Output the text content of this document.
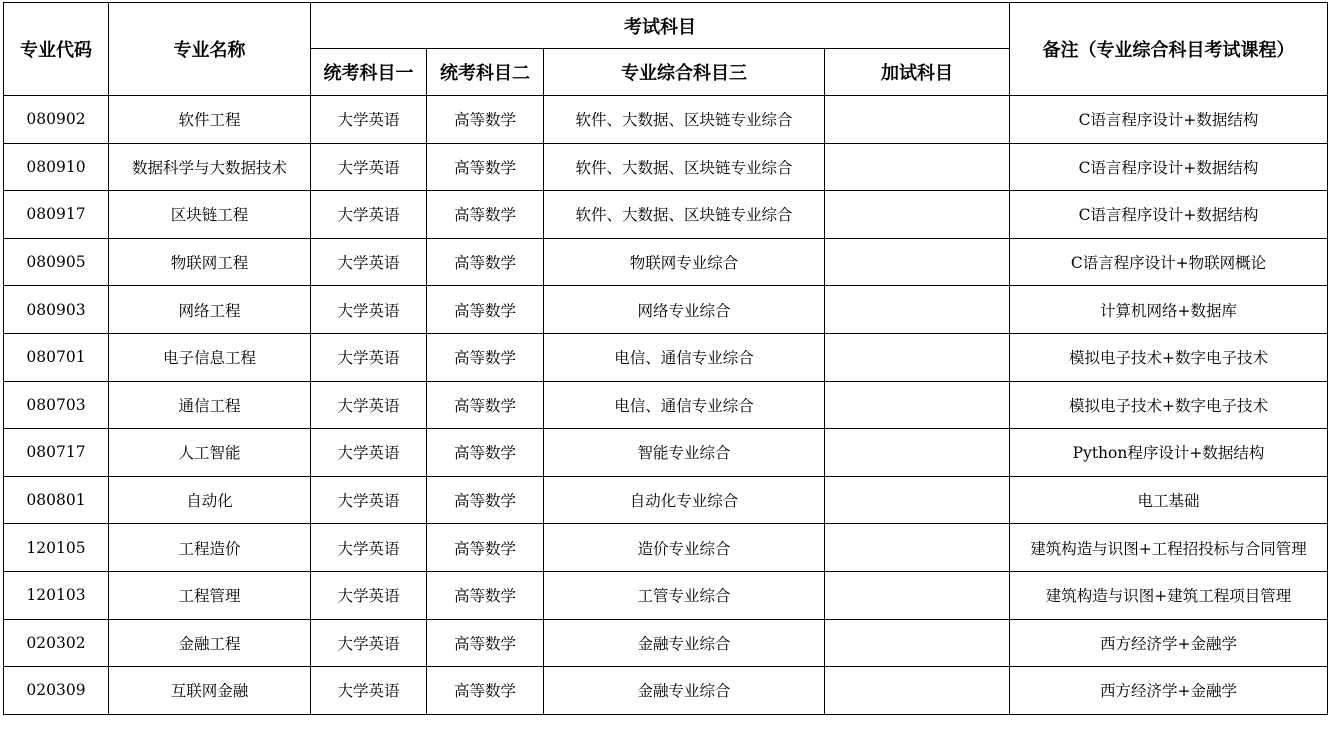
专业代码	专业名称	考试科目				备注（专业综合科目考试课程）
		统考科目一	统考科目二	专业综合科目三	加试科目	
080902	软件工程	大学英语	高等数学	软件、大数据、区块链专业综合		C语言程序设计+数据结构
080910	数据科学与大数据技术	大学英语	高等数学	软件、大数据、区块链专业综合		C语言程序设计+数据结构
080917	区块链工程	大学英语	高等数学	软件、大数据、区块链专业综合		C语言程序设计+数据结构
080905	物联网工程	大学英语	高等数学	物联网专业综合		C语言程序设计+物联网概论
080903	网络工程	大学英语	高等数学	网络专业综合		计算机网络+数据库
080701	电子信息工程	大学英语	高等数学	电信、通信专业综合		模拟电子技术+数字电子技术
080703	通信工程	大学英语	高等数学	电信、通信专业综合		模拟电子技术+数字电子技术
080717	人工智能	大学英语	高等数学	智能专业综合		Python程序设计+数据结构
080801	自动化	大学英语	高等数学	自动化专业综合		电工基础
120105	工程造价	大学英语	高等数学	造价专业综合		建筑构造与识图+工程招投标与合同管理
120103	工程管理	大学英语	高等数学	工管专业综合		建筑构造与识图+建筑工程项目管理
020302	金融工程	大学英语	高等数学	金融专业综合		西方经济学+金融学
020309	互联网金融	大学英语	高等数学	金融专业综合		西方经济学+金融学
